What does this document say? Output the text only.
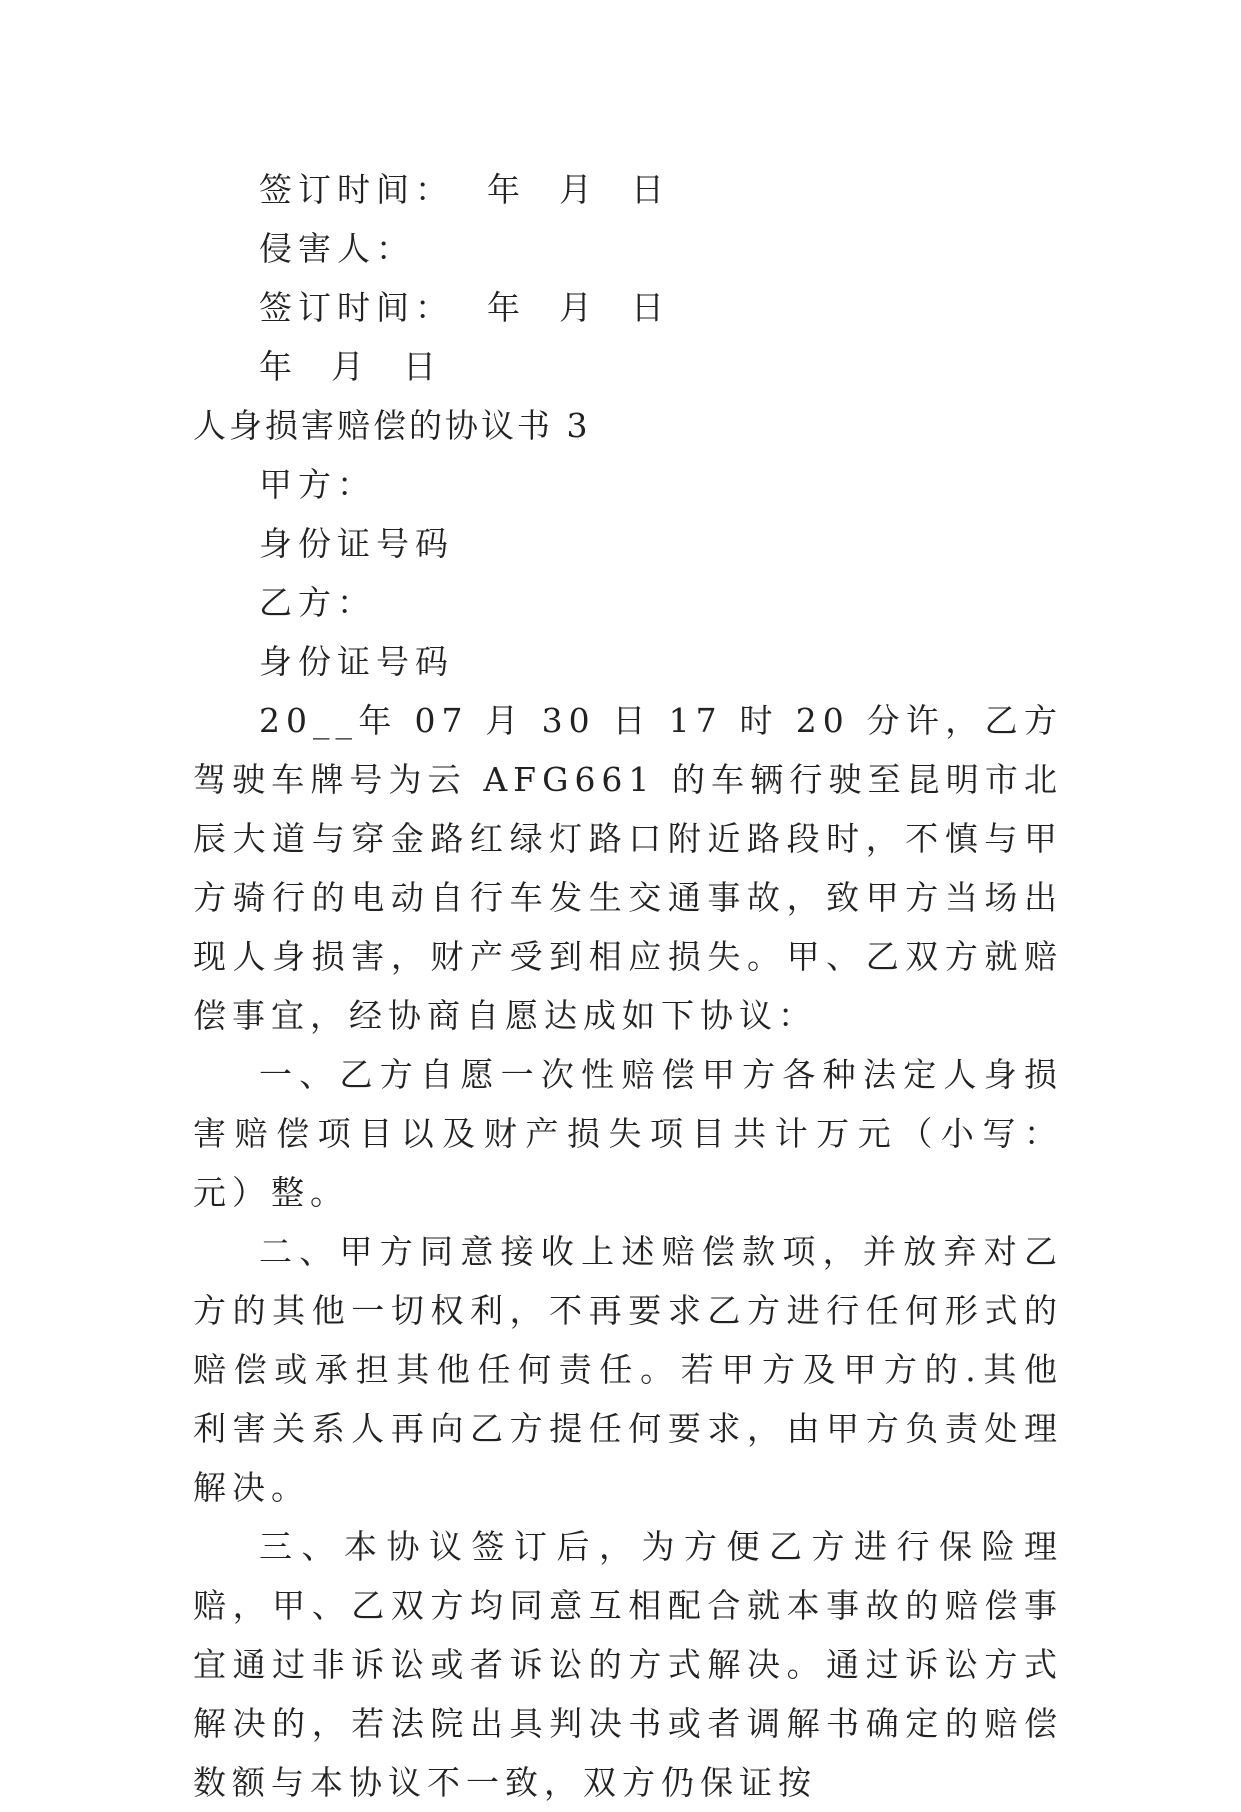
签订时间：  年  月  日
侵害人：
签订时间：  年  月  日
年  月  日
人身损害赔偿的协议书 3
甲方：
身份证号码
乙方：
身份证号码

20__年 07 月 30 日 17 时 20 分许，乙方驾驶车牌号为云 AFG661 的车辆行驶至昆明市北辰大道与穿金路红绿灯路口附近路段时，不慎与甲方骑行的电动自行车发生交通事故，致甲方当场出现人身损害，财产受到相应损失。甲、乙双方就赔偿事宜，经协商自愿达成如下协议：

一、乙方自愿一次性赔偿甲方各种法定人身损害赔偿项目以及财产损失项目共计万元（小写：元）整。

二、甲方同意接收上述赔偿款项，并放弃对乙方的其他一切权利，不再要求乙方进行任何形式的赔偿或承担其他任何责任。若甲方及甲方的.其他利害关系人再向乙方提任何要求，由甲方负责处理解决。

三、本协议签订后，为方便乙方进行保险理赔，甲、乙双方均同意互相配合就本事故的赔偿事宜通过非诉讼或者诉讼的方式解决。通过诉讼方式解决的，若法院出具判决书或者调解书确定的赔偿数额与本协议不一致，双方仍保证按
